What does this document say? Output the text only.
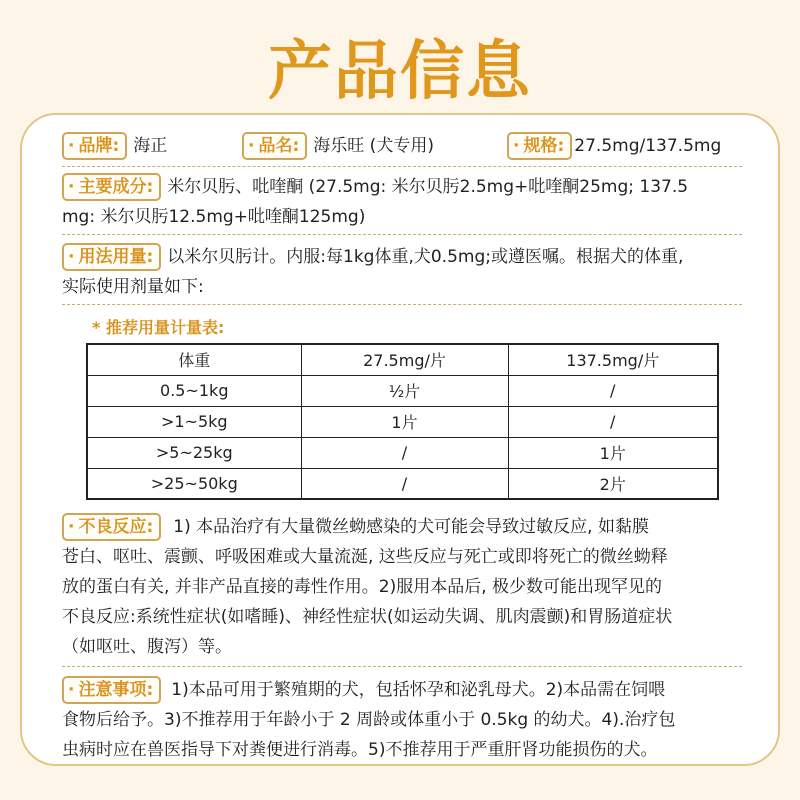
产品信息
· 品牌: 海正	· 品名: 海乐旺 (犬专用)	· 规格: 27.5mg/137.5mg
· 主要成分: 米尔贝肟、吡喹酮 (27.5mg: 米尔贝肟2.5mg+吡喹酮25mg; 137.5
mg: 米尔贝肟12.5mg+吡喹酮125mg)
· 用法用量: 以米尔贝肟计。内服:每1kg体重,犬0.5mg;或遵医嘱。根据犬的体重,
实际使用剂量如下:
* 推荐用量计量表:
体重	27.5mg/片	137.5mg/片
0.5~1kg	½片	/
>1~5kg	1片	/
>5~25kg	/	1片
>25~50kg	/	2片
· 不良反应: 1) 本品治疗有大量微丝蚴感染的犬可能会导致过敏反应, 如黏膜
苍白、呕吐、震颤、呼吸困难或大量流涎, 这些反应与死亡或即将死亡的微丝蚴释
放的蛋白有关, 并非产品直接的毒性作用。2)服用本品后, 极少数可能出现罕见的
不良反应:系统性症状(如嗜睡)、神经性症状(如运动失调、肌肉震颤)和胃肠道症状
（如呕吐、腹泻）等。
· 注意事项: 1)本品可用于繁殖期的犬，包括怀孕和泌乳母犬。2)本品需在饲喂
食物后给予。3)不推荐用于年龄小于 2 周龄或体重小于 0.5kg 的幼犬。4).治疗包
虫病时应在兽医指导下对粪便进行消毒。5)不推荐用于严重肝肾功能损伤的犬。
